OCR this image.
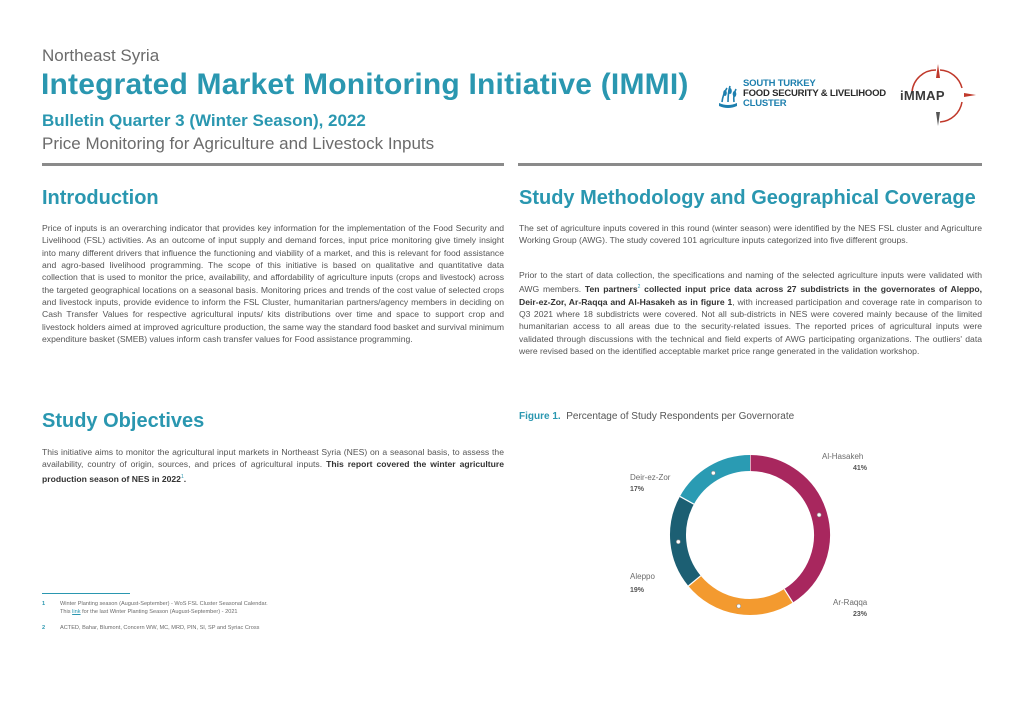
Northeast Syria
Integrated Market Monitoring Initiative (IMMI)
Bulletin Quarter 3 (Winter Season), 2022
Price Monitoring for Agriculture and Livestock Inputs
SOUTH TURKEY
FOOD SECURITY & LIVELIHOOD
CLUSTER
iMMAP
Introduction
Price of inputs is an overarching indicator that provides key information for the implementation of the Food Security and Livelihood (FSL) activities. As an outcome of input supply and demand forces, input price monitoring give timely insight into many different drivers that influence the functioning and viability of a market, and this is relevant for food assistance and agro-based livelihood programming. The scope of this initiative is based on qualitative and quantitative data collection that is used to monitor the price, availability, and affordability of agriculture inputs (crops and livestock) across the targeted geographical locations on a seasonal basis. Monitoring prices and trends of the cost value of selected crops and livestock inputs, provide evidence to inform the FSL Cluster, humanitarian partners/agency members in deciding on Cash Transfer Values for respective agricultural inputs/ kits distributions over time and space to support crop and livestock holders aimed at improved agriculture production, the same way the standard food basket and survival minimum expenditure basket (SMEB) values inform cash transfer values for Food assistance programming.
Study Objectives
This initiative aims to monitor the agricultural input markets in Northeast Syria (NES) on a seasonal basis, to assess the availability, country of origin, sources, and prices of agricultural inputs. This report covered the winter agriculture production season of NES in 2022$^1$.
Study Methodology and Geographical Coverage
The set of agriculture inputs covered in this round (winter season) were identified by the NES FSL cluster and Agriculture Working Group (AWG). The study covered 101 agriculture inputs categorized into five different groups.
Prior to the start of data collection, the specifications and naming of the selected agriculture inputs were validated with AWG members. Ten partners$^2$ collected input price data across 27 subdistricts in the governorates of Aleppo, Deir-ez-Zor, Ar-Raqqa and Al-Hasakeh as in figure 1, with increased participation and coverage rate in comparison to Q3 2021 where 18 subdistricts were covered. Not all sub-districts in NES were covered mainly because of the limited humanitarian access to all areas due to the security-related issues. The reported prices of agricultural inputs were validated through discussions with the technical and field experts of AWG participating organizations. The outliers' data were revised based on the identified acceptable market price range generated in the validation workshop.
Figure 1. Percentage of Study Respondents per Governorate
Al-Hasakeh
41%
Ar-Raqqa
23%
Aleppo
19%
Deir-ez-Zor
17%
1	Winter Planting season (August-September) - WoS FSL Cluster Seasonal Calendar.
This link for the last Winter Planting Season (August-September) - 2021
2	ACTED, Bahar, Blumont, Concern WW, MC, MRD, PIN, SI, SP and Syriac Cross
